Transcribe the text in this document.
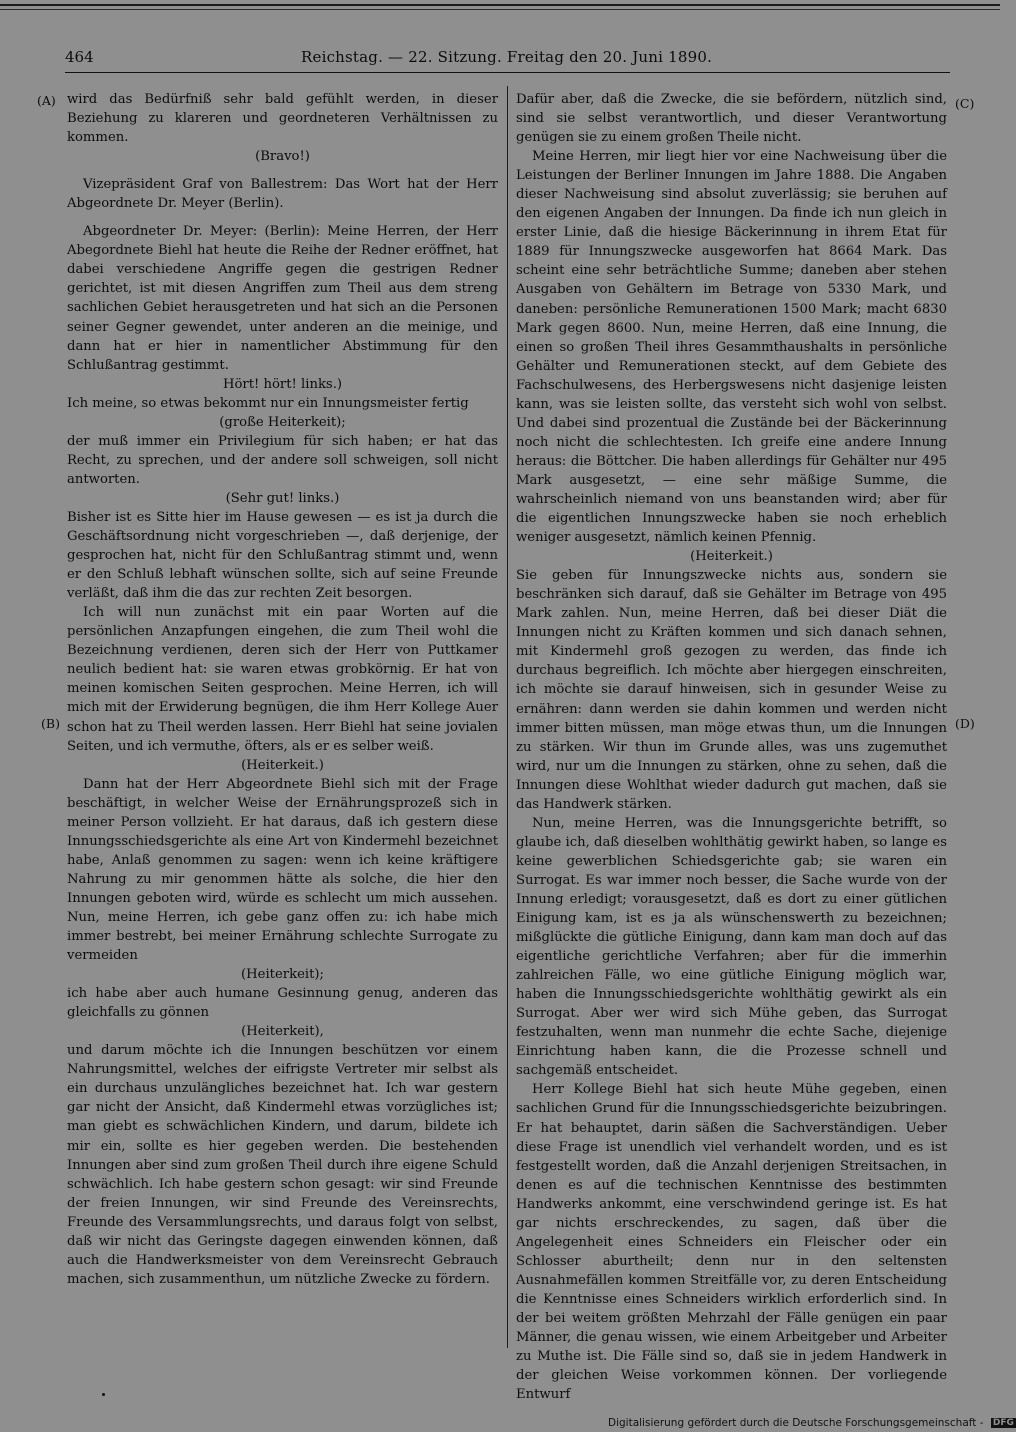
464	Reichstag. — 22. Sitzung. Freitag den 20. Juni 1890.
(A)
(B)
(C)
(D)

wird das Bedürfniß sehr bald gefühlt werden, in dieser Beziehung zu klareren und geordneteren Verhältnissen zu kommen.

(Bravo!)

Vizepräsident Graf von Ballestrem: Das Wort hat der Herr Abgeordnete Dr. Meyer (Berlin).

Abgeordneter Dr. Meyer: (Berlin): Meine Herren, der Herr Abegordnete Biehl hat heute die Reihe der Redner eröffnet, hat dabei verschiedene Angriffe gegen die gestrigen Redner gerichtet, ist mit diesen Angriffen zum Theil aus dem streng sachlichen Gebiet herausgetreten und hat sich an die Personen seiner Gegner gewendet, unter anderen an die meinige, und dann hat er hier in namentlicher Abstimmung für den Schlußantrag gestimmt.

Hört! hört! links.)

Ich meine, so etwas bekommt nur ein Innungsmeister fertig

(große Heiterkeit);

der muß immer ein Privilegium für sich haben; er hat das Recht, zu sprechen, und der andere soll schweigen, soll nicht antworten.

(Sehr gut! links.)

Bisher ist es Sitte hier im Hause gewesen — es ist ja durch die Geschäftsordnung nicht vorgeschrieben —, daß derjenige, der gesprochen hat, nicht für den Schlußantrag stimmt und, wenn er den Schluß lebhaft wünschen sollte, sich auf seine Freunde verläßt, daß ihm die das zur rechten Zeit besorgen.

Ich will nun zunächst mit ein paar Worten auf die persönlichen Anzapfungen eingehen, die zum Theil wohl die Bezeichnung verdienen, deren sich der Herr von Puttkamer neulich bedient hat: sie waren etwas grobkörnig. Er hat von meinen komischen Seiten gesprochen. Meine Herren, ich will mich mit der Erwiderung begnügen, die ihm Herr Kollege Auer schon hat zu Theil werden lassen. Herr Biehl hat seine jovialen Seiten, und ich vermuthe, öfters, als er es selber weiß.

(Heiterkeit.)

Dann hat der Herr Abgeordnete Biehl sich mit der Frage beschäftigt, in welcher Weise der Ernährungsprozeß sich in meiner Person vollzieht. Er hat daraus, daß ich gestern diese Innungsschiedsgerichte als eine Art von Kindermehl bezeichnet habe, Anlaß genommen zu sagen: wenn ich keine kräftigere Nahrung zu mir genommen hätte als solche, die hier den Innungen geboten wird, würde es schlecht um mich aussehen. Nun, meine Herren, ich gebe ganz offen zu: ich habe mich immer bestrebt, bei meiner Ernährung schlechte Surrogate zu vermeiden

(Heiterkeit);

ich habe aber auch humane Gesinnung genug, anderen das gleichfalls zu gönnen

(Heiterkeit),

und darum möchte ich die Innungen beschützen vor einem Nahrungsmittel, welches der eifrigste Vertreter mir selbst als ein durchaus unzulängliches bezeichnet hat. Ich war gestern gar nicht der Ansicht, daß Kindermehl etwas vorzügliches ist; man giebt es schwächlichen Kindern, und darum, bildete ich mir ein, sollte es hier gegeben werden. Die bestehenden Innungen aber sind zum großen Theil durch ihre eigene Schuld schwächlich. Ich habe gestern schon gesagt: wir sind Freunde der freien Innungen, wir sind Freunde des Vereinsrechts, Freunde des Versammlungsrechts, und daraus folgt von selbst, daß wir nicht das Geringste dagegen einwenden können, daß auch die Handwerksmeister von dem Vereinsrecht Gebrauch machen, sich zusammenthun, um nützliche Zwecke zu fördern.

Dafür aber, daß die Zwecke, die sie befördern, nützlich sind, sind sie selbst verantwortlich, und dieser Verantwortung genügen sie zu einem großen Theile nicht.

Meine Herren, mir liegt hier vor eine Nachweisung über die Leistungen der Berliner Innungen im Jahre 1888. Die Angaben dieser Nachweisung sind absolut zuverlässig; sie beruhen auf den eigenen Angaben der Innungen. Da finde ich nun gleich in erster Linie, daß die hiesige Bäckerinnung in ihrem Etat für 1889 für Innungszwecke ausgeworfen hat 8664 Mark. Das scheint eine sehr beträchtliche Summe; daneben aber stehen Ausgaben von Gehältern im Betrage von 5330 Mark, und daneben: persönliche Remunerationen 1500 Mark; macht 6830 Mark gegen 8600. Nun, meine Herren, daß eine Innung, die einen so großen Theil ihres Gesammthaushalts in persönliche Gehälter und Remunerationen steckt, auf dem Gebiete des Fachschulwesens, des Herbergswesens nicht dasjenige leisten kann, was sie leisten sollte, das versteht sich wohl von selbst. Und dabei sind prozentual die Zustände bei der Bäckerinnung noch nicht die schlechtesten. Ich greife eine andere Innung heraus: die Böttcher. Die haben allerdings für Gehälter nur 495 Mark ausgesetzt, — eine sehr mäßige Summe, die wahrscheinlich niemand von uns beanstanden wird; aber für die eigentlichen Innungszwecke haben sie noch erheblich weniger ausgesetzt, nämlich keinen Pfennig.

(Heiterkeit.)

Sie geben für Innungszwecke nichts aus, sondern sie beschränken sich darauf, daß sie Gehälter im Betrage von 495 Mark zahlen. Nun, meine Herren, daß bei dieser Diät die Innungen nicht zu Kräften kommen und sich danach sehnen, mit Kindermehl groß gezogen zu werden, das finde ich durchaus begreiflich. Ich möchte aber hiergegen einschreiten, ich möchte sie darauf hinweisen, sich in gesunder Weise zu ernähren: dann werden sie dahin kommen und werden nicht immer bitten müssen, man möge etwas thun, um die Innungen zu stärken. Wir thun im Grunde alles, was uns zugemuthet wird, nur um die Innungen zu stärken, ohne zu sehen, daß die Innungen diese Wohlthat wieder dadurch gut machen, daß sie das Handwerk stärken.

Nun, meine Herren, was die Innungsgerichte betrifft, so glaube ich, daß dieselben wohlthätig gewirkt haben, so lange es keine gewerblichen Schiedsgerichte gab; sie waren ein Surrogat. Es war immer noch besser, die Sache wurde von der Innung erledigt; vorausgesetzt, daß es dort zu einer gütlichen Einigung kam, ist es ja als wünschenswerth zu bezeichnen; mißglückte die gütliche Einigung, dann kam man doch auf das eigentliche gerichtliche Verfahren; aber für die immerhin zahlreichen Fälle, wo eine gütliche Einigung möglich war, haben die Innungsschiedsgerichte wohlthätig gewirkt als ein Surrogat. Aber wer wird sich Mühe geben, das Surrogat festzuhalten, wenn man nunmehr die echte Sache, diejenige Einrichtung haben kann, die die Prozesse schnell und sachgemäß entscheidet.

Herr Kollege Biehl hat sich heute Mühe gegeben, einen sachlichen Grund für die Innungsschiedsgerichte beizubringen. Er hat behauptet, darin säßen die Sachverständigen. Ueber diese Frage ist unendlich viel verhandelt worden, und es ist festgestellt worden, daß die Anzahl derjenigen Streitsachen, in denen es auf die technischen Kenntnisse des bestimmten Handwerks ankommt, eine verschwindend geringe ist. Es hat gar nichts erschreckendes, zu sagen, daß über die Angelegenheit eines Schneiders ein Fleischer oder ein Schlosser aburtheilt; denn nur in den seltensten Ausnahmefällen kommen Streitfälle vor, zu deren Entscheidung die Kenntnisse eines Schneiders wirklich erforderlich sind. In der bei weitem größten Mehrzahl der Fälle genügen ein paar Männer, die genau wissen, wie einem Arbeitgeber und Arbeiter zu Muthe ist. Die Fälle sind so, daß sie in jedem Handwerk in der gleichen Weise vorkommen können. Der vorliegende Entwurf

Digitalisierung gefördert durch die Deutsche Forschungsgemeinschaft - DFG
